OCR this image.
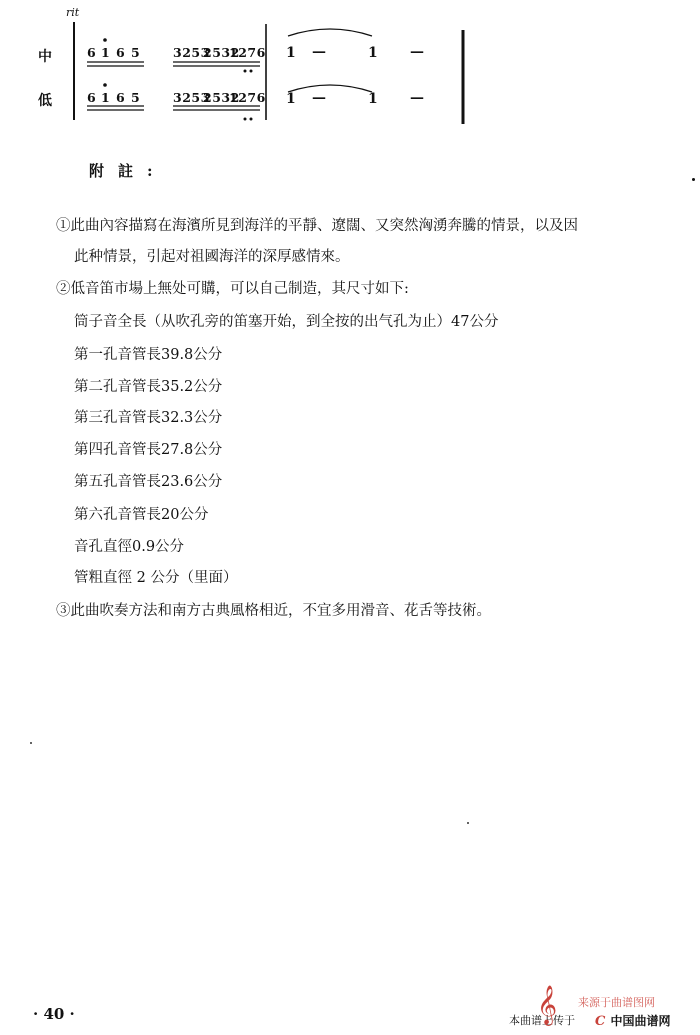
rit
中
低
6 1 6 5	3253
2532
1276
6 1 6 5	3253
2532
1276
1 —	1 —
1 —	1 —
附註:
①此曲內容描寫在海濱所見到海洋的平靜、遼闊、又突然洶湧奔騰的情景，以及因
此种情景，引起对祖國海洋的深厚感情來。
②低音笛市場上無处可購，可以自己制造，其尺寸如下:
筒子音全長（从吹孔旁的笛塞开始，到全按的出气孔为止）47公分
第一孔音管長39.8公分
第二孔音管長35.2公分
第三孔音管長32.3公分
第四孔音管長27.8公分
第五孔音管長23.6公分
第六孔音管長20公分
音孔直徑0.9公分
管粗直徑 2 公分（里面）
③此曲吹奏方法和南方古典風格相近，不宜多用滑音、花舌等技術。
· 40 ·
来源于曲谱图网
本曲谱上传于
𝄞	C 中国曲谱网
